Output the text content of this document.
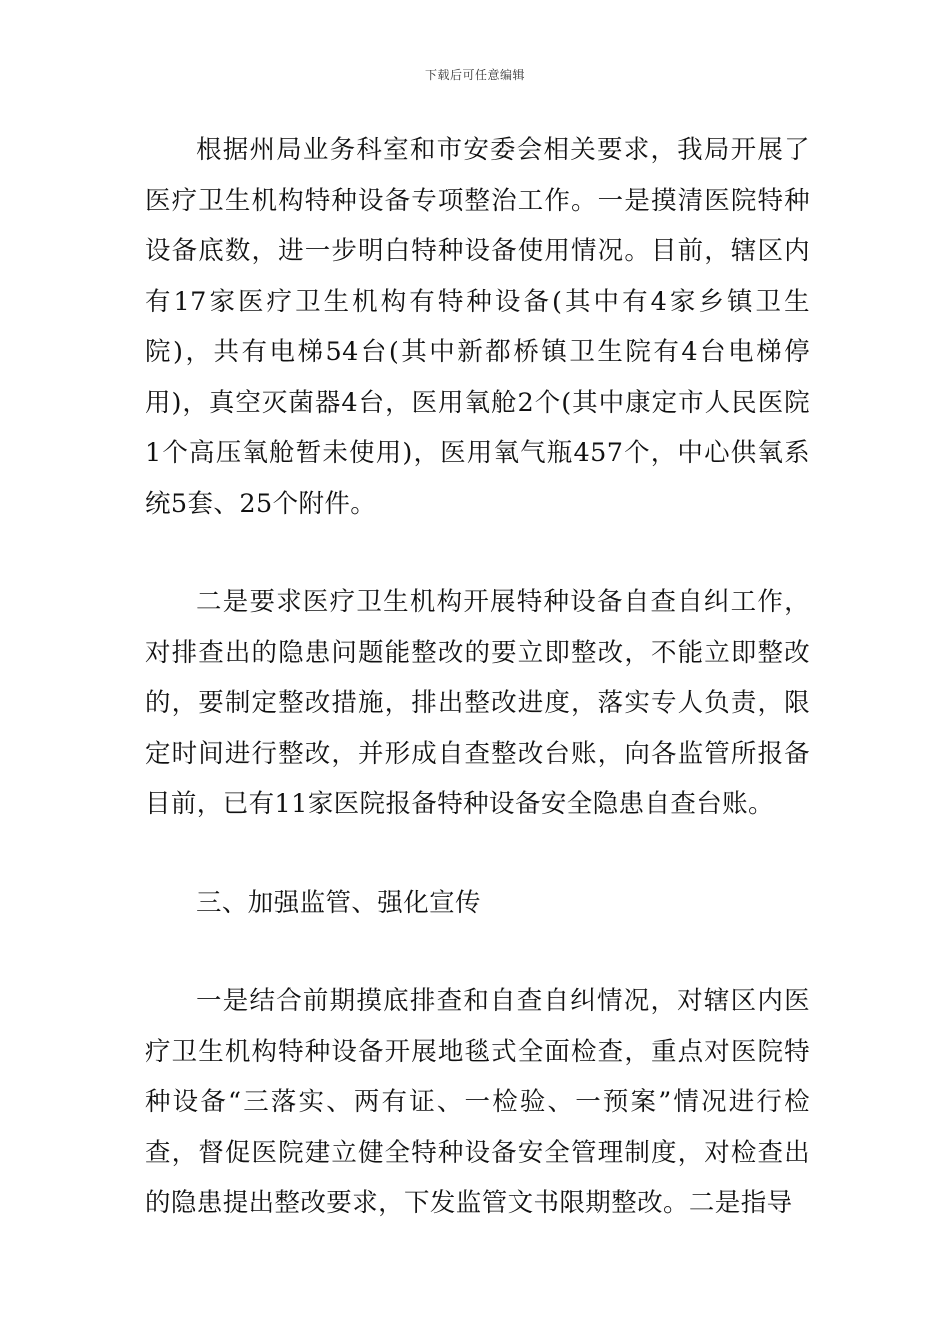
下载后可任意编辑

根据州局业务科室和市安委会相关要求，我局开展了医疗卫生机构特种设备专项整治工作。一是摸清医院特种设备底数，进一步明白特种设备使用情况。目前，辖区内有17家医疗卫生机构有特种设备(其中有4家乡镇卫生院)，共有电梯54台(其中新都桥镇卫生院有4台电梯停用)，真空灭菌器4台，医用氧舱2个(其中康定市人民医院1个高压氧舱暂未使用)，医用氧气瓶457个，中心供氧系统5套、25个附件。

二是要求医疗卫生机构开展特种设备自查自纠工作，对排查出的隐患问题能整改的要立即整改，不能立即整改的，要制定整改措施，排出整改进度，落实专人负责，限定时间进行整改，并形成自查整改台账，向各监管所报备目前，已有11家医院报备特种设备安全隐患自查台账。

三、加强监管、强化宣传

一是结合前期摸底排查和自查自纠情况，对辖区内医疗卫生机构特种设备开展地毯式全面检查，重点对医院特种设备“三落实、两有证、一检验、一预案”情况进行检查，督促医院建立健全特种设备安全管理制度，对检查出的隐患提出整改要求，下发监管文书限期整改。二是指导
